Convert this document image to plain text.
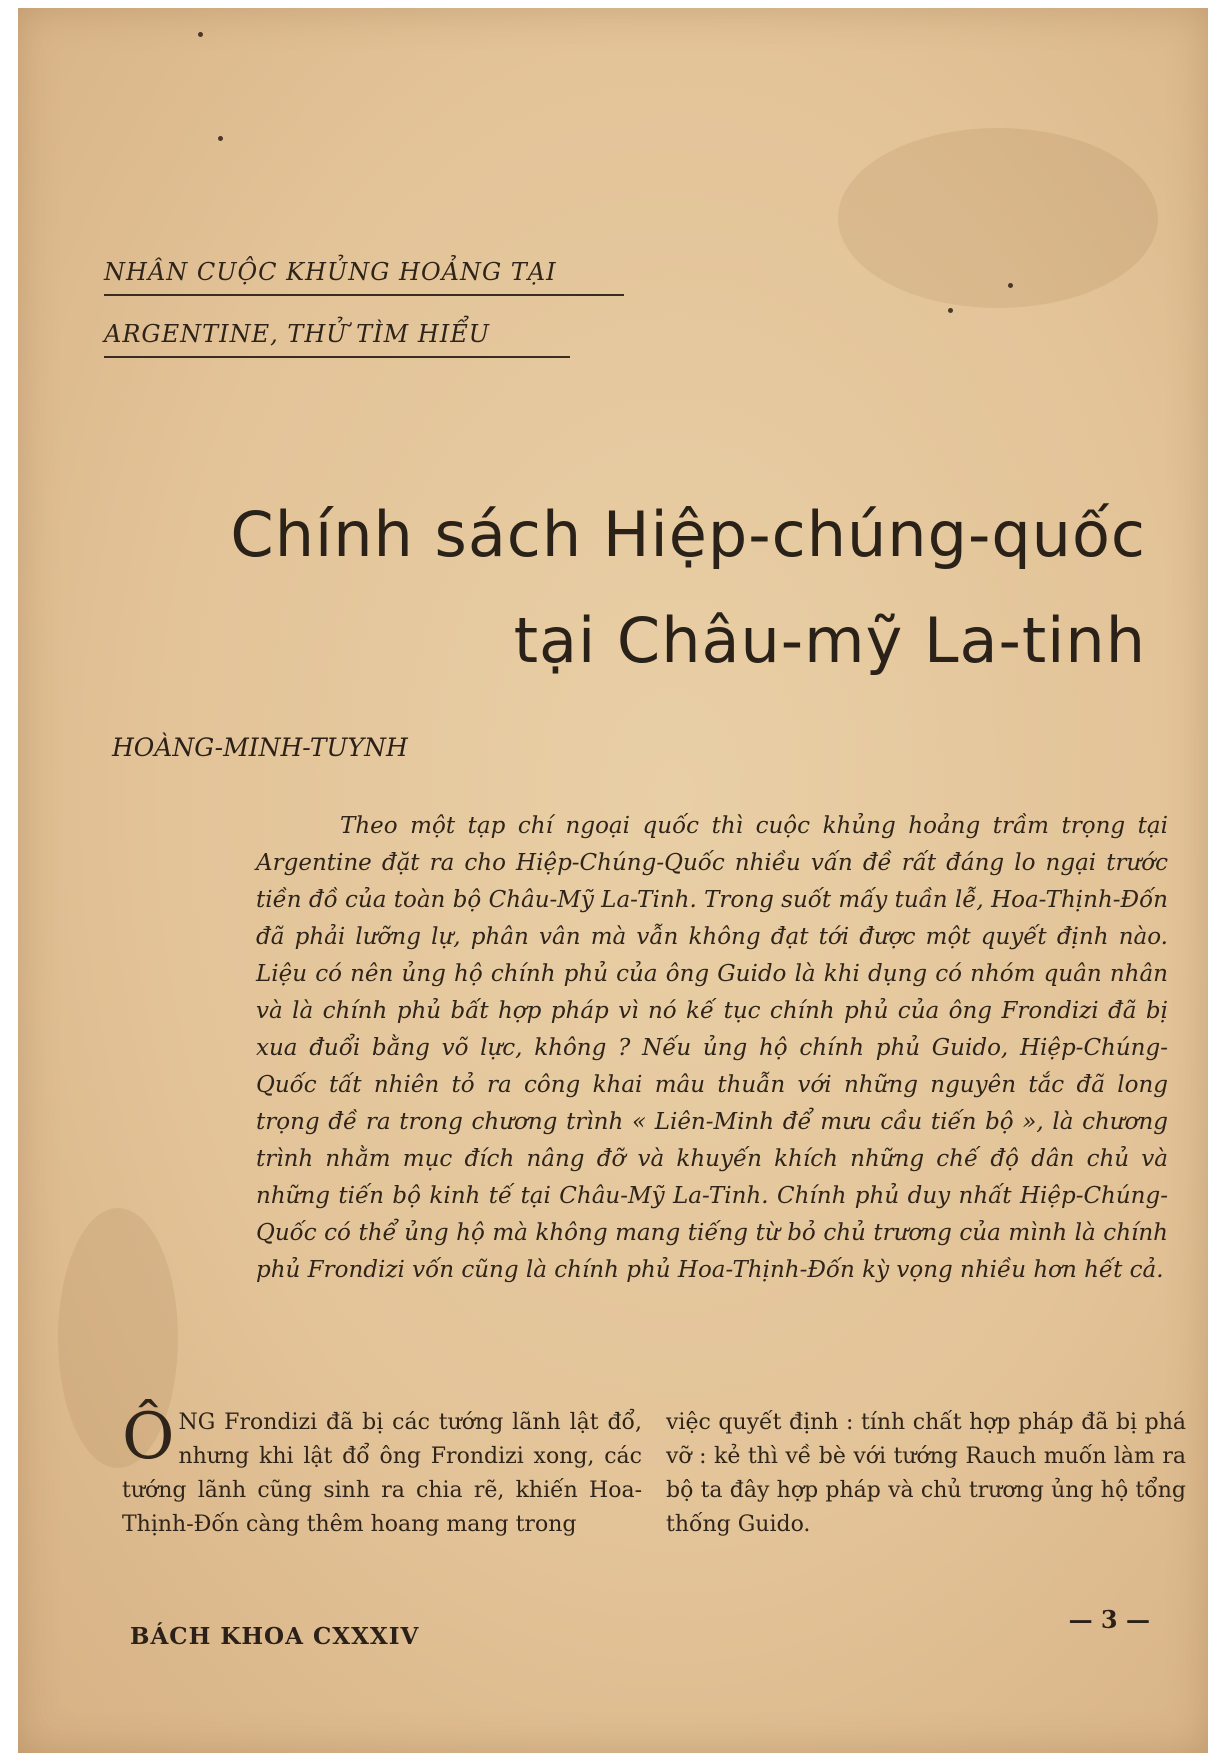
NHÂN CUỘC KHỦNG HOẢNG TẠI
ARGENTINE, THỬ TÌM HIỂU
Chính sách Hiệp-chúng-quốc
tại Châu-mỹ La-tinh
HOÀNG-MINH-TUYNH
Theo một tạp chí ngoại quốc thì cuộc khủng hoảng trầm trọng tại Argentine đặt ra cho Hiệp-Chúng-Quốc nhiều vấn đề rất đáng lo ngại trước tiền đồ của toàn bộ Châu-Mỹ La-Tinh. Trong suốt mấy tuần lễ, Hoa-Thịnh-Đốn đã phải lưỡng lự, phân vân mà vẫn không đạt tới được một quyết định nào. Liệu có nên ủng hộ chính phủ của ông Guido là khi dụng có nhóm quân nhân và là chính phủ bất hợp pháp vì nó kế tục chính phủ của ông Frondizi đã bị xua đuổi bằng võ lực, không ? Nếu ủng hộ chính phủ Guido, Hiệp-Chúng-Quốc tất nhiên tỏ ra công khai mâu thuẫn với những nguyên tắc đã long trọng đề ra trong chương trình « Liên-Minh để mưu cầu tiến bộ », là chương trình nhằm mục đích nâng đỡ và khuyến khích những chế độ dân chủ và những tiến bộ kinh tế tại Châu-Mỹ La-Tinh. Chính phủ duy nhất Hiệp-Chúng-Quốc có thể ủng hộ mà không mang tiếng từ bỏ chủ trương của mình là chính phủ Frondizi vốn cũng là chính phủ Hoa-Thịnh-Đốn kỳ vọng nhiều hơn hết cả.
ÔNG Frondizi đã bị các tướng lãnh lật đổ, nhưng khi lật đổ ông Frondizi xong, các tướng lãnh cũng sinh ra chia rẽ, khiến Hoa-Thịnh-Đốn càng thêm hoang mang trong
việc quyết định : tính chất hợp pháp đã bị phá vỡ : kẻ thì về bè với tướng Rauch muốn làm ra bộ ta đây hợp pháp và chủ trương ủng hộ tổng thống Guido.
BÁCH KHOA CXXXIV
— 3 —
